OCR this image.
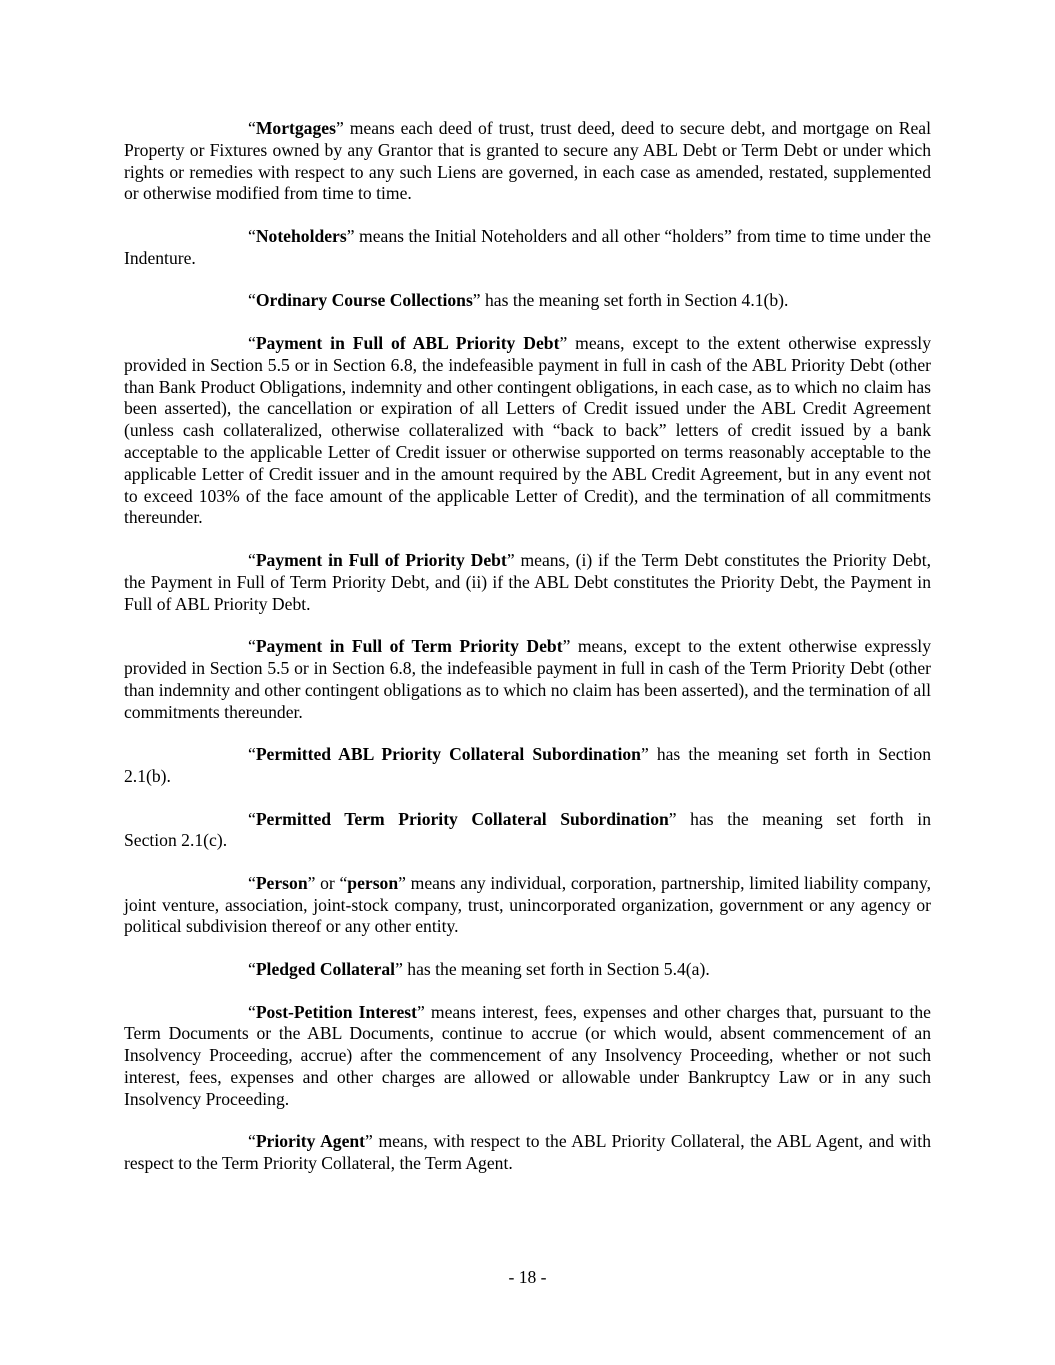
“Mortgages” means each deed of trust, trust deed, deed to secure debt, and mortgage on Real Property or Fixtures owned by any Grantor that is granted to secure any ABL Debt or Term Debt or under which rights or remedies with respect to any such Liens are governed, in each case as amended, restated, supplemented or otherwise modified from time to time.

“Noteholders” means the Initial Noteholders and all other “holders” from time to time under the Indenture.

“Ordinary Course Collections” has the meaning set forth in Section 4.1(b).

“Payment in Full of ABL Priority Debt” means, except to the extent otherwise expressly provided in Section 5.5 or in Section 6.8, the indefeasible payment in full in cash of the ABL Priority Debt (other than Bank Product Obligations, indemnity and other contingent obligations, in each case, as to which no claim has been asserted), the cancellation or expiration of all Letters of Credit issued under the ABL Credit Agreement (unless cash collateralized, otherwise collateralized with “back to back” letters of credit issued by a bank acceptable to the applicable Letter of Credit issuer or otherwise supported on terms reasonably acceptable to the applicable Letter of Credit issuer and in the amount required by the ABL Credit Agreement, but in any event not to exceed 103% of the face amount of the applicable Letter of Credit), and the termination of all commitments thereunder.

“Payment in Full of Priority Debt” means, (i) if the Term Debt constitutes the Priority Debt, the Payment in Full of Term Priority Debt, and (ii) if the ABL Debt constitutes the Priority Debt, the Payment in Full of ABL Priority Debt.

“Payment in Full of Term Priority Debt” means, except to the extent otherwise expressly provided in Section 5.5 or in Section 6.8, the indefeasible payment in full in cash of the Term Priority Debt (other than indemnity and other contingent obligations as to which no claim has been asserted), and the termination of all commitments thereunder.

“Permitted ABL Priority Collateral Subordination” has the meaning set forth in Section
2.1(b).

“Permitted Term Priority Collateral Subordination” has the meaning set forth in
Section 2.1(c).

“Person” or “person” means any individual, corporation, partnership, limited liability company, joint venture, association, joint-stock company, trust, unincorporated organization, government or any agency or political subdivision thereof or any other entity.

“Pledged Collateral” has the meaning set forth in Section 5.4(a).

“Post-Petition Interest” means interest, fees, expenses and other charges that, pursuant to the Term Documents or the ABL Documents, continue to accrue (or which would, absent commencement of an Insolvency Proceeding, accrue) after the commencement of any Insolvency Proceeding, whether or not such interest, fees, expenses and other charges are allowed or allowable under Bankruptcy Law or in any such Insolvency Proceeding.

“Priority Agent” means, with respect to the ABL Priority Collateral, the ABL Agent, and with respect to the Term Priority Collateral, the Term Agent.

- 18 -
